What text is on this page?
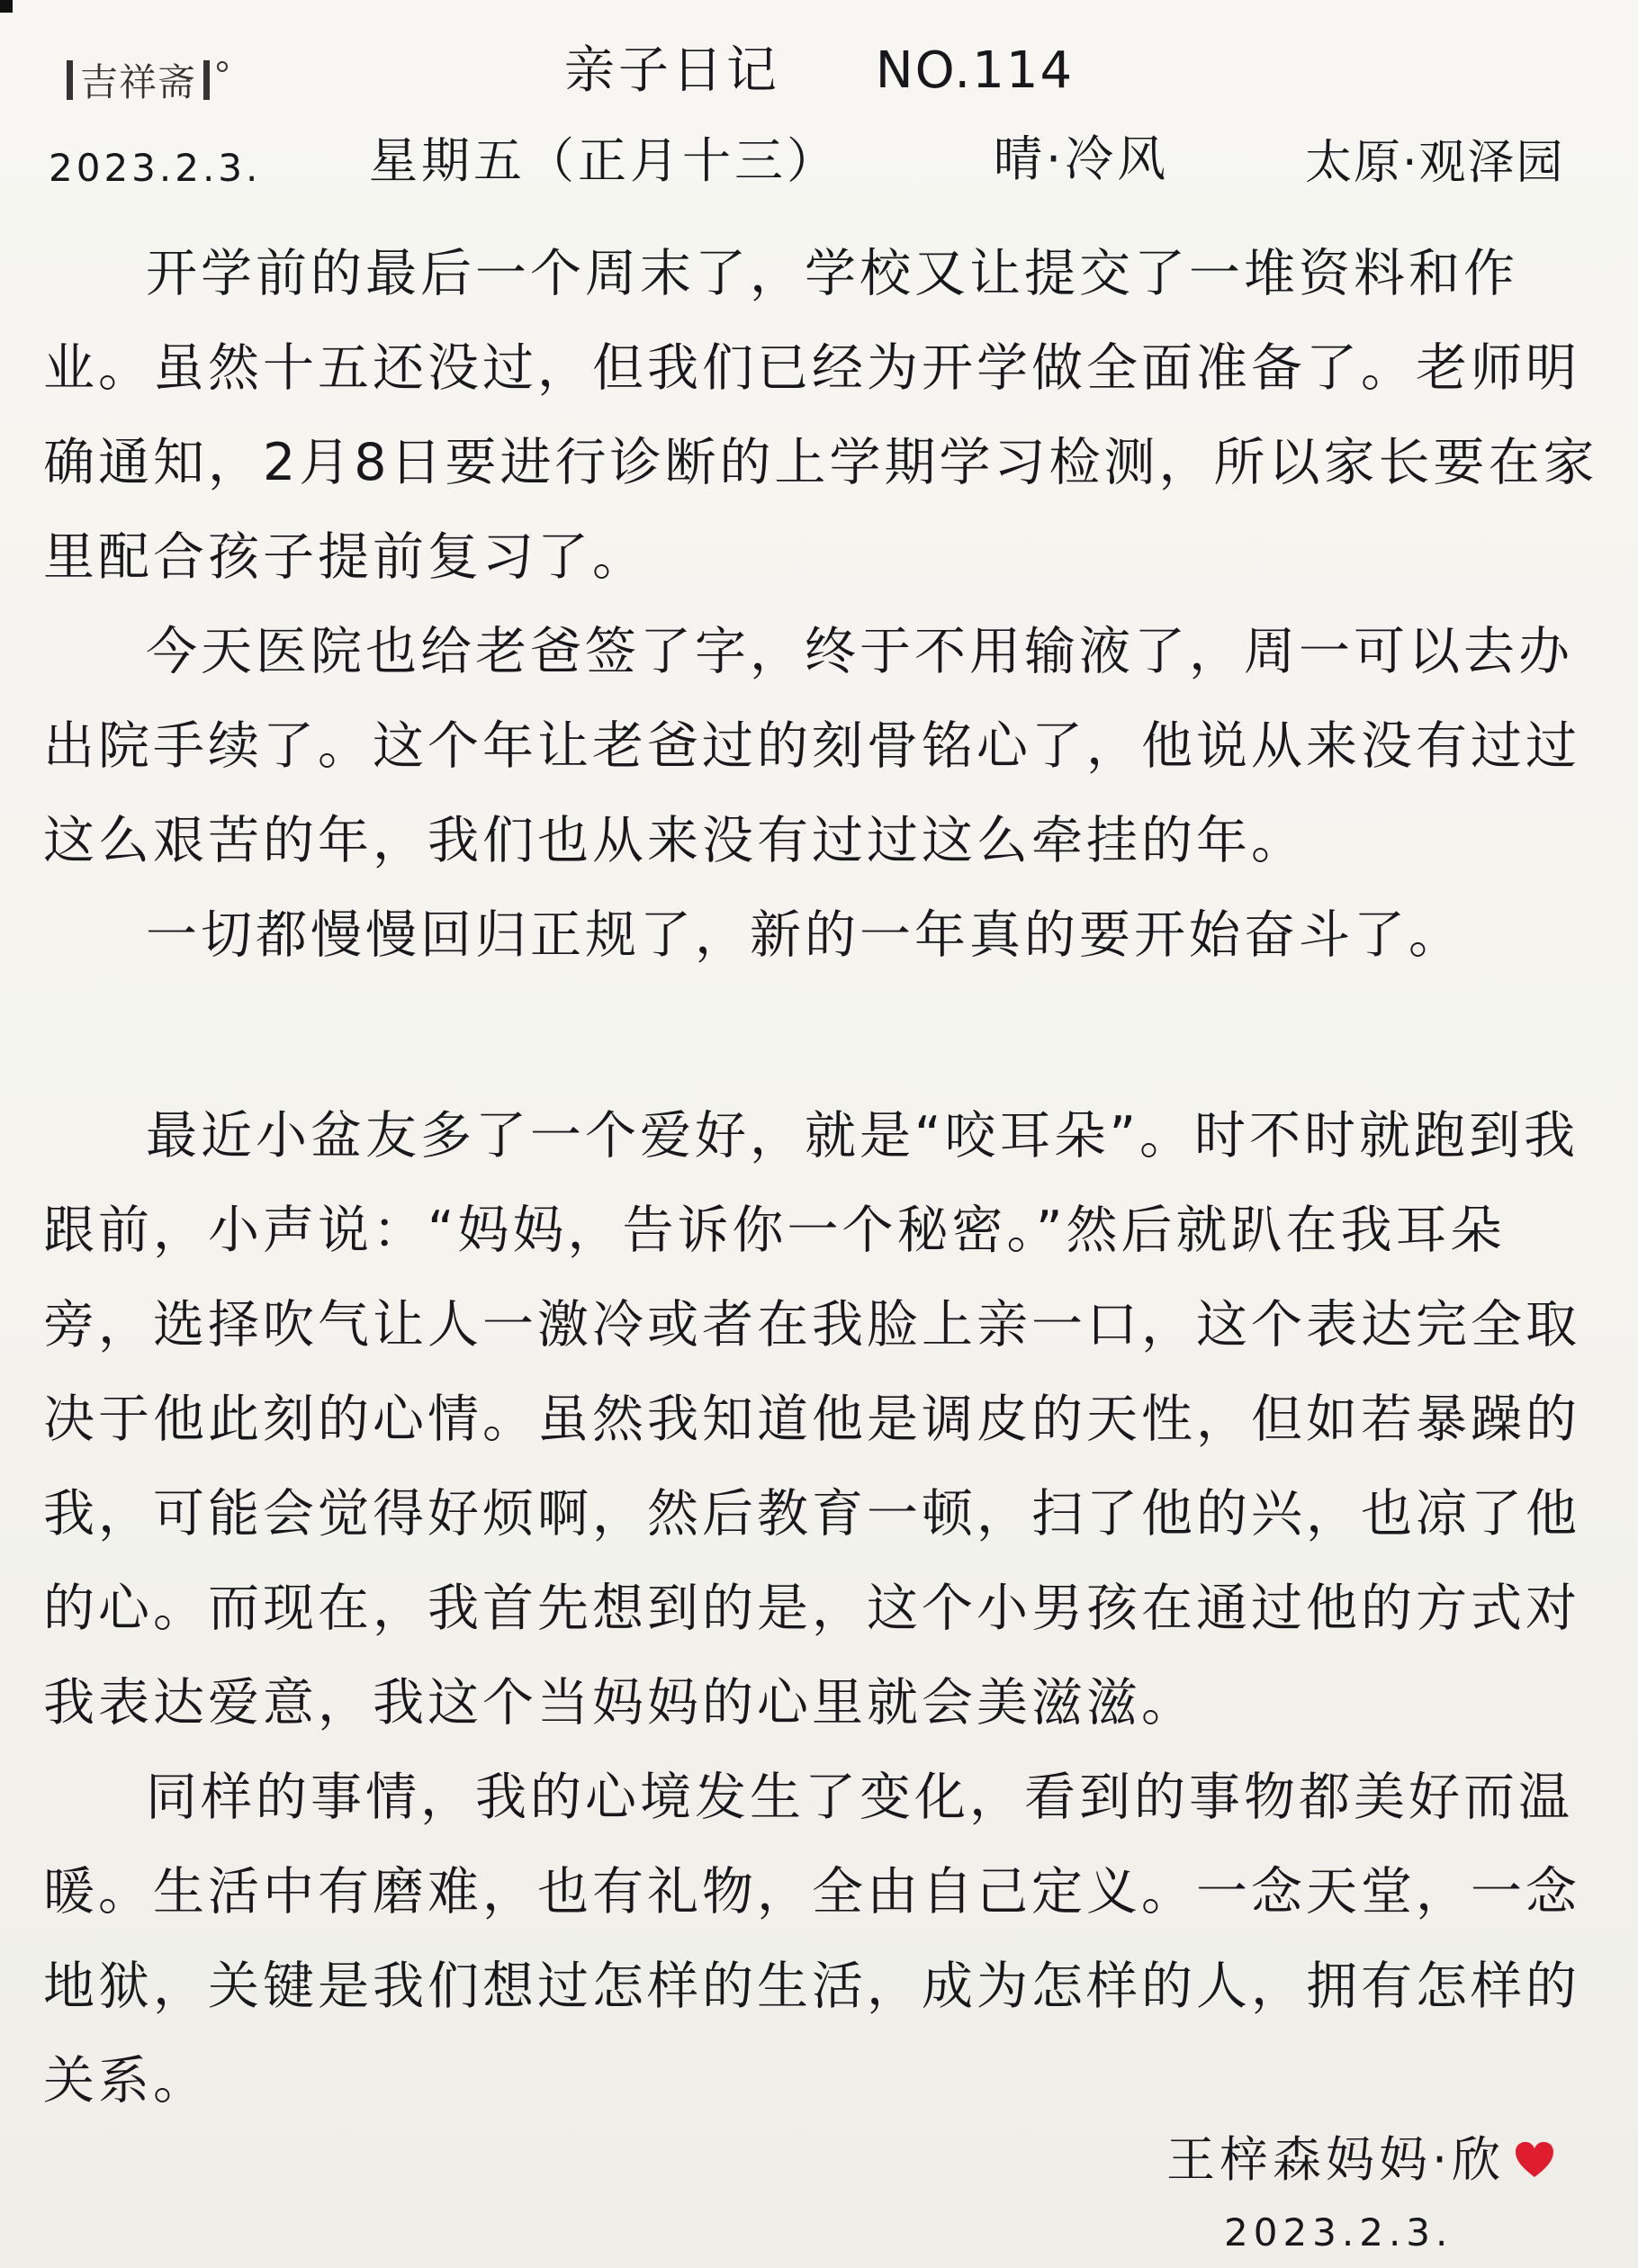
吉祥斋	亲子日记 NO.114
2023.2.3. 星期五（正月十三）	晴·冷风	太原·观泽园

开学前的最后一个周末了，学校又让提交了一堆资料和作业。虽然十五还没过，但我们已经为开学做全面准备了。老师明确通知，2月8日要进行诊断的上学期学习检测，所以家长要在家里配合孩子提前复习了。

今天医院也给老爸签了字，终于不用输液了，周一可以去办出院手续了。这个年让老爸过的刻骨铭心了，他说从来没有过过这么艰苦的年，我们也从来没有过过这么牵挂的年。

一切都慢慢回归正规了，新的一年真的要开始奋斗了。

最近小盆友多了一个爱好，就是“咬耳朵”。时不时就跑到我跟前，小声说：“妈妈，告诉你一个秘密。”然后就趴在我耳朵旁，选择吹气让人一激冷或者在我脸上亲一口，这个表达完全取决于他此刻的心情。虽然我知道他是调皮的天性，但如若暴躁的我，可能会觉得好烦啊，然后教育一顿，扫了他的兴，也凉了他的心。而现在，我首先想到的是，这个小男孩在通过他的方式对我表达爱意，我这个当妈妈的心里就会美滋滋。

同样的事情，我的心境发生了变化，看到的事物都美好而温暖。生活中有磨难，也有礼物，全由自己定义。一念天堂，一念地狱，关键是我们想过怎样的生活，成为怎样的人，拥有怎样的关系。

王梓森妈妈·欣
2023.2.3.
